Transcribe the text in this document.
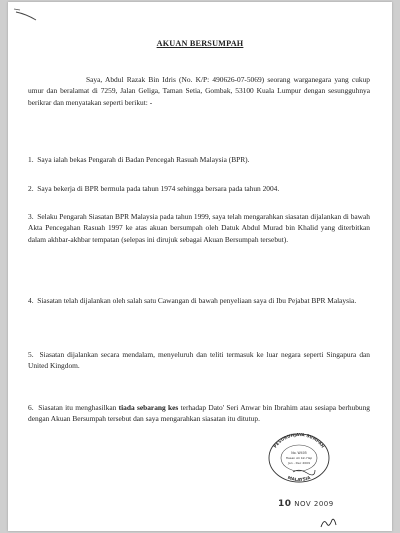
AKUAN BERSUMPAH

Saya, Abdul Razak Bin Idris (No. K/P: 490626-07-5069) seorang warganegara yang cukup umur dan beralamat di 7259, Jalan Geliga, Taman Setia, Gombak, 53100 Kuala Lumpur dengan sesungguhnya berikrar dan menyatakan seperti berikut: -

1. Saya ialah bekas Pengarah di Badan Pencegah Rasuah Malaysia (BPR).

2. Saya bekerja di BPR bermula pada tahun 1974 sehingga bersara pada tahun 2004.

3. Selaku Pengarah Siasatan BPR Malaysia pada tahun 1999, saya telah mengarahkan siasatan dijalankan di bawah Akta Pencegahan Rasuah 1997 ke atas akuan bersumpah oleh Datuk Abdul Murad bin Khalid yang diterbitkan dalam akhbar-akhbar tempatan (selepas ini dirujuk sebagai Akuan Bersumpah tersebut).

4. Siasatan telah dijalankan oleh salah satu Cawangan di bawah penyeliaan saya di Ibu Pejabat BPR Malaysia.

5. Siasatan dijalankan secara mendalam, menyeluruh dan teliti termasuk ke luar negara seperti Singapura dan United Kingdom.

6. Siasatan itu menghasilkan tiada sebarang kes terhadap Dato' Seri Anwar bin Ibrahim atau sesiapa berhubung dengan Akuan Bersumpah tersebut dan saya mengarahkan siasatan itu ditutup.

PESURUHJAYA SUMPAH
MALAYSIA
No. W405
Hasan Ali bin Haji
Jan - Dec 2009
10 NOV 2009
